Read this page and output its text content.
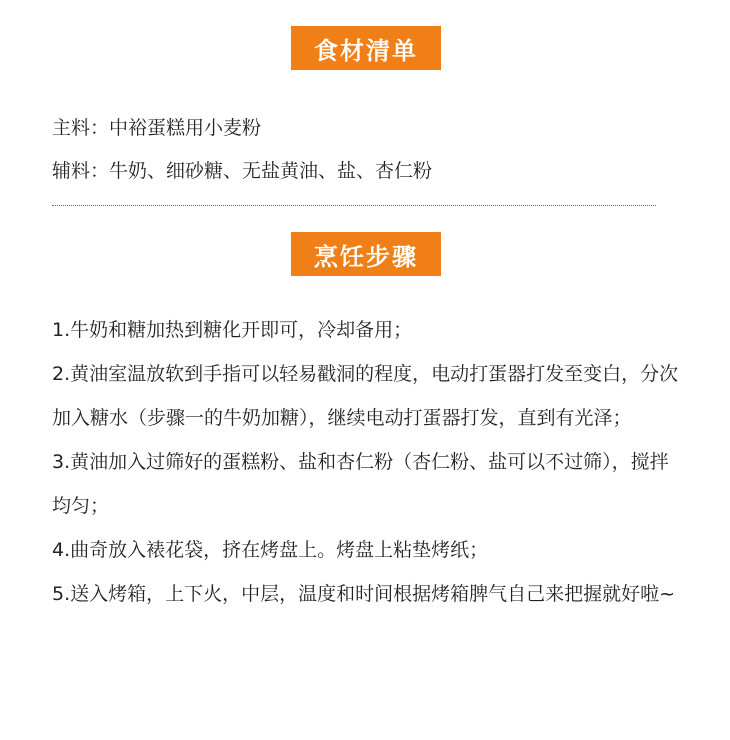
食材清单
主料：中裕蛋糕用小麦粉
辅料：牛奶、细砂糖、无盐黄油、盐、杏仁粉
烹饪步骤
1.牛奶和糖加热到糖化开即可，冷却备用；
2.黄油室温放软到手指可以轻易戳洞的程度，电动打蛋器打发至变白，分次加入糖水（步骤一的牛奶加糖），继续电动打蛋器打发，直到有光泽；
3.黄油加入过筛好的蛋糕粉、盐和杏仁粉（杏仁粉、盐可以不过筛），搅拌均匀；
4.曲奇放入裱花袋，挤在烤盘上。烤盘上粘垫烤纸；
5.送入烤箱，上下火，中层，温度和时间根据烤箱脾气自己来把握就好啦~
